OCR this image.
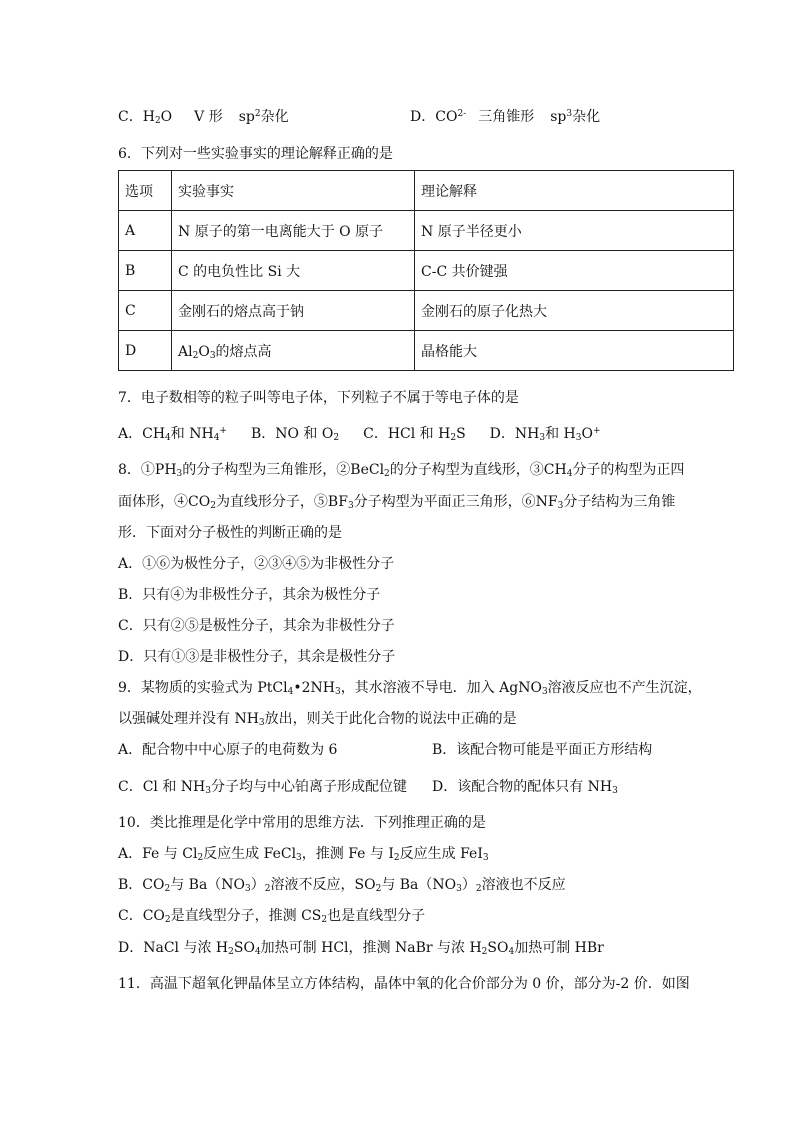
C．$H_2O$ V 形 $sp^2$杂化	D．$CO^{2-}$ 三角锥形 $sp^3$杂化
6．下列对一些实验事实的理论解释正确的是
选项	实验事实	理论解释
A	N 原子的第一电离能大于 O 原子	N 原子半径更小
B	C 的电负性比 Si 大	C-C 共价键强
C	金刚石的熔点高于钠	金刚石的原子化热大
D	$Al_2O_3$的熔点高	晶格能大
7．电子数相等的粒子叫等电子体，下列粒子不属于等电子体的是
A．$CH_4$和 $NH_4^+$ B．NO 和 $O_2$ C．HCl 和 $H_2S$ D．$NH_3$和 $H_3O^+$
8．$①PH_3$的分子构型为三角锥形，②BeCl$_2$的分子构型为直线形，$③CH_4$分子的构型为正四
面体形，$④CO_2$为直线形分子，$⑤BF_3$分子构型为平面正三角形，$⑥NF_3$分子结构为三角锥
形．下面对分子极性的判断正确的是
A．①⑥为极性分子，②③④⑤为非极性分子
B．只有④为非极性分子，其余为极性分子
C．只有②⑤是极性分子，其余为非极性分子
D．只有①③是非极性分子，其余是极性分子
9．某物质的实验式为 $PtCl_4•2NH_3$，其水溶液不导电．加入 AgNO$_3$溶液反应也不产生沉淀，
以强碱处理并没有 $NH_3$放出，则关于此化合物的说法中正确的是
A．配合物中中心原子的电荷数为 6	B．该配合物可能是平面正方形结构
C．Cl 和 $NH_3$分子均与中心铂离子形成配位键 D．该配合物的配体只有 $NH_3$
10．类比推理是化学中常用的思维方法．下列推理正确的是
A．Fe 与 $Cl_2$反应生成 FeCl$_3$，推测 Fe 与 $I_2$反应生成 FeI$_3$
B．$CO_2$与 $Ba(NO_3)_2$溶液不反应，$SO_2$与 $Ba(NO_3)_2$溶液也不反应
C．$CO_2$是直线型分子，推测 $CS_2$也是直线型分子
D．NaCl 与浓 $H_2SO_4$加热可制 HCl，推测 NaBr 与浓 $H_2SO_4$加热可制 HBr
11．高温下超氧化钾晶体呈立方体结构，晶体中氧的化合价部分为 0 价，部分为-2 价．如图
